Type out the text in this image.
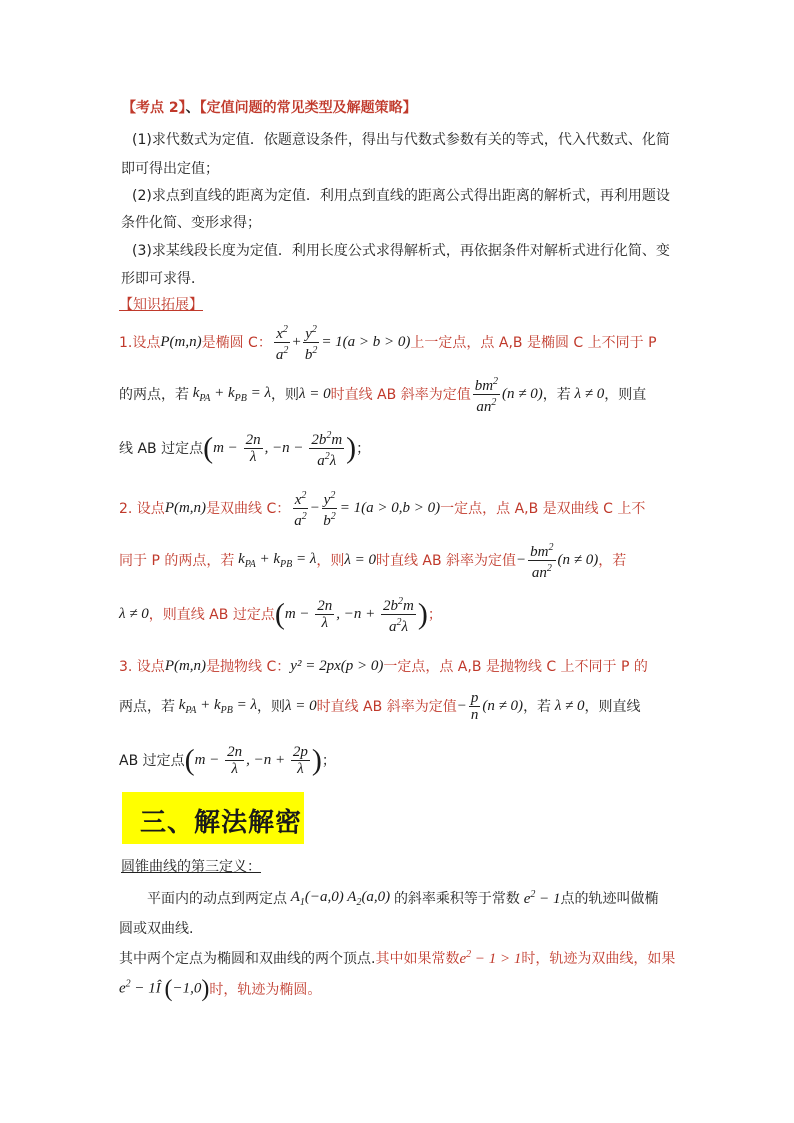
【考点 2】、【定值问题的常见类型及解题策略】
(1)求代数式为定值．依题意设条件，得出与代数式参数有关的等式，代入代数式、化简
即可得出定值；
(2)求点到直线的距离为定值．利用点到直线的距离公式得出距离的解析式，再利用题设
条件化简、变形求得；
(3)求某线段长度为定值．利用长度公式求得解析式，再依据条件对解析式进行化简、变
形即可求得．
【知识拓展】
1.设点 P(m,n) 是椭圆 C： $\frac{x^2}{a^2} + \frac{y^2}{b^2} = 1(a > b > 0)$ 上一定点，点 A,B 是椭圆 C 上不同于 P
的两点，若 $k_{PA} + k_{PB} = \lambda$ ，则 λ = 0 时直线 AB 斜率为定值 $\frac{bm^2}{an^2} (n \ne 0)$ ，若 λ ≠ 0 ，则直
线 AB 过定点 ($m - \frac{2n}{\lambda}$ , $-n - \frac{2b^2m}{a^2\lambda}$ ) ；
2. 设点 P(m,n) 是双曲线 C： $\frac{x^2}{a^2} - \frac{y^2}{b^2} = 1(a > 0,b > 0)$ 一定点，点 A,B 是双曲线 C 上不
同于 P 的两点，若 $k_{PA} + k_{PB} = \lambda$ ，则 λ = 0 时直线 AB 斜率为定值 − $\frac{bm^2}{an^2} (n \ne 0)$ ，若
λ ≠ 0 ，则直线 AB 过定点 ($m - \frac{2n}{\lambda}$ , $-n + \frac{2b^2m}{a^2\lambda}$ ) ；
3. 设点 P(m,n) 是抛物线 C： y² = 2px(p > 0) 一定点，点 A,B 是抛物线 C 上不同于 P 的
两点，若 $k_{PA} + k_{PB} = \lambda$ ，则 λ = 0 时直线 AB 斜率为定值 − $\frac{p}{n} (n \ne 0)$ ，若 λ ≠ 0 ，则直线
AB 过定点 ($m - \frac{2n}{\lambda}$ , $-n + \frac{2p}{\lambda}$ ) ；
三、解法解密
圆锥曲线的第三定义：
平面内的动点到两定点 $A_1(-a,0)$ $A_2(a,0)$ 的斜率乘积等于常数 $e^2 - 1$ 点的轨迹叫做椭
圆或双曲线.
其中两个定点为椭圆和双曲线的两个顶点. 其中如果常数 $e^2 - 1 > 1$ 时，轨迹为双曲线，如果
$e^2$ − 1Î (−1,0) 时，轨迹为椭圆。
